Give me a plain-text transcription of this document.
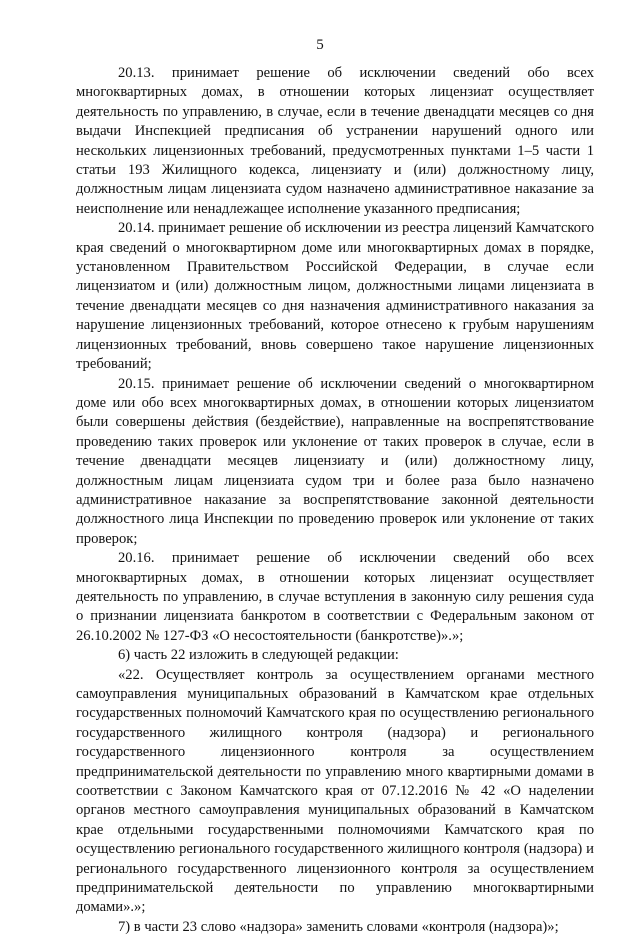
5

20.13. принимает решение об исключении сведений обо всех многоквартирных домах, в отношении которых лицензиат осуществляет деятельность по управлению, в случае, если в течение двенадцати месяцев со дня выдачи Инспекцией предписания об устранении нарушений одного или нескольких лицензионных требований, предусмотренных пунктами 1–5 части 1 статьи 193 Жилищного кодекса, лицензиату и (или) должностному лицу, должностным лицам лицензиата судом назначено административное наказание за неисполнение или ненадлежащее исполнение указанного предписания;

20.14. принимает решение об исключении из реестра лицензий Камчатского края сведений о многоквартирном доме или многоквартирных домах в порядке, установленном Правительством Российской Федерации, в случае если лицензиатом и (или) должностным лицом, должностными лицами лицензиата в течение двенадцати месяцев со дня назначения административного наказания за нарушение лицензионных требований, которое отнесено к грубым нарушениям лицензионных требований, вновь совершено такое нарушение лицензионных требований;

20.15. принимает решение об исключении сведений о многоквартирном доме или обо всех многоквартирных домах, в отношении которых лицензиатом были совершены действия (бездействие), направленные на воспрепятствование проведению таких проверок или уклонение от таких проверок в случае, если в течение двенадцати месяцев лицензиату и (или) должностному лицу, должностным лицам лицензиата судом три и более раза было назначено административное наказание за воспрепятствование законной деятельности должностного лица Инспекции по проведению проверок или уклонение от таких проверок;

20.16. принимает решение об исключении сведений обо всех многоквартирных домах, в отношении которых лицензиат осуществляет деятельность по управлению, в случае вступления в законную силу решения суда о признании лицензиата банкротом в соответствии с Федеральным законом от 26.10.2002 № 127-ФЗ «О несостоятельности (банкротстве)».»;

6) часть 22 изложить в следующей редакции:

«22. Осуществляет контроль за осуществлением органами местного самоуправления муниципальных образований в Камчатском крае отдельных государственных полномочий Камчатского края по осуществлению регионального государственного жилищного контроля (надзора) и регионального государственного лицензионного контроля за осуществлением предпринимательской деятельности по управлению много квартирными домами в соответствии с Законом Камчатского края от 07.12.2016 № 42 «О наделении органов местного самоуправления муниципальных образований в Камчатском крае отдельными государственными полномочиями Камчатского края по осуществлению регионального государственного жилищного контроля (надзора) и регионального государственного лицензионного контроля за осуществлением предпринимательской деятельности по управлению многоквартирными домами».»;

7) в части 23 слово «надзора» заменить словами «контроля (надзора)»;
